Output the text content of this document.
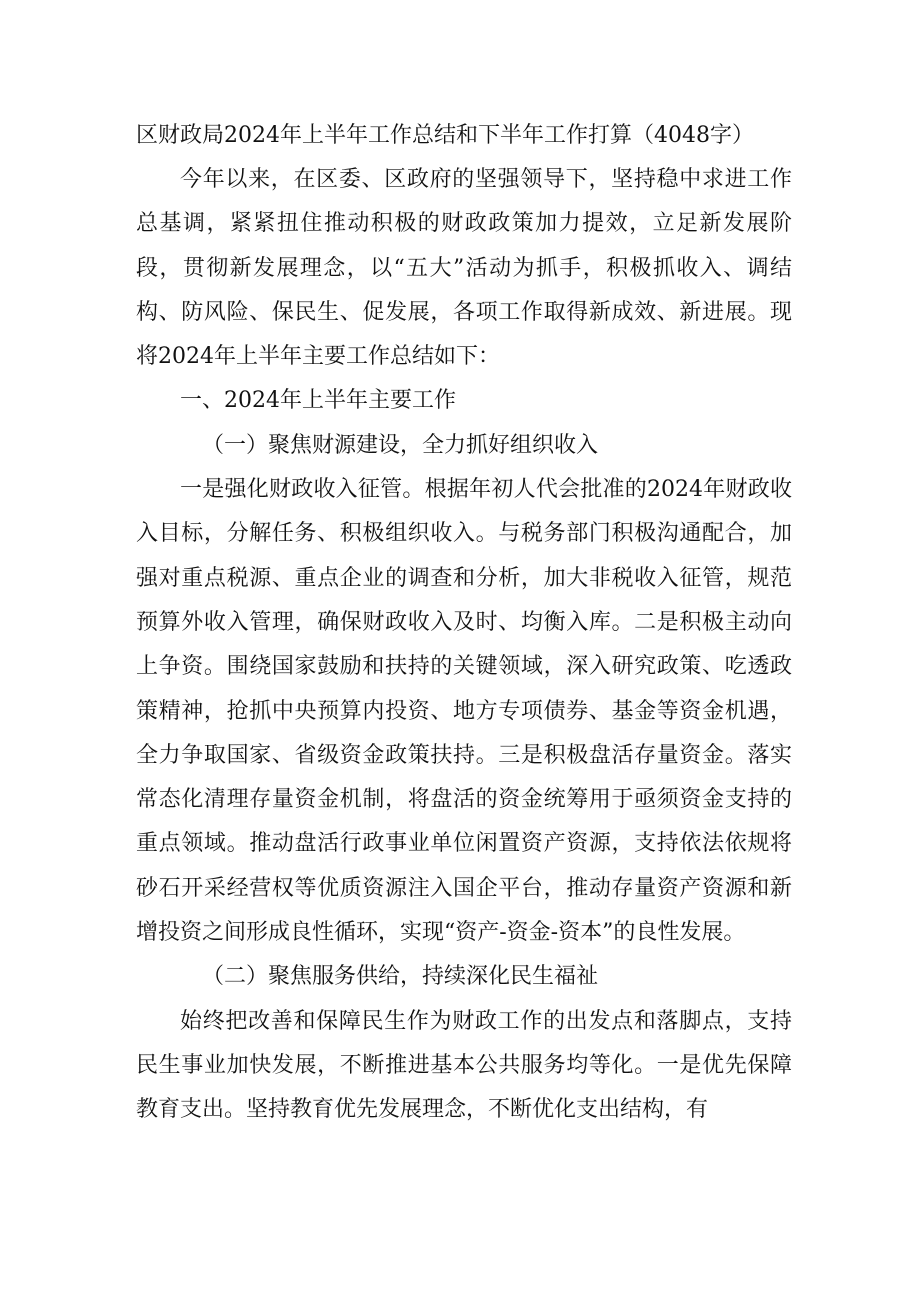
区财政局2024年上半年工作总结和下半年工作打算（4048字）

今年以来，在区委、区政府的坚强领导下，坚持稳中求进工作总基调，紧紧扭住推动积极的财政政策加力提效，立足新发展阶段，贯彻新发展理念，以“五大”活动为抓手，积极抓收入、调结构、防风险、保民生、促发展，各项工作取得新成效、新进展。现将2024年上半年主要工作总结如下：

一、2024年上半年主要工作

（一）聚焦财源建设，全力抓好组织收入

一是强化财政收入征管。根据年初人代会批准的2024年财政收入目标，分解任务、积极组织收入。与税务部门积极沟通配合，加强对重点税源、重点企业的调查和分析，加大非税收入征管，规范预算外收入管理，确保财政收入及时、均衡入库。二是积极主动向上争资。围绕国家鼓励和扶持的关键领域，深入研究政策、吃透政策精神，抢抓中央预算内投资、地方专项债券、基金等资金机遇，全力争取国家、省级资金政策扶持。三是积极盘活存量资金。落实常态化清理存量资金机制，将盘活的资金统筹用于亟须资金支持的重点领域。推动盘活行政事业单位闲置资产资源，支持依法依规将砂石开采经营权等优质资源注入国企平台，推动存量资产资源和新增投资之间形成良性循环，实现“资产-资金-资本”的良性发展。

（二）聚焦服务供给，持续深化民生福祉

始终把改善和保障民生作为财政工作的出发点和落脚点，支持民生事业加快发展，不断推进基本公共服务均等化。一是优先保障教育支出。坚持教育优先发展理念，不断优化支出结构，有
